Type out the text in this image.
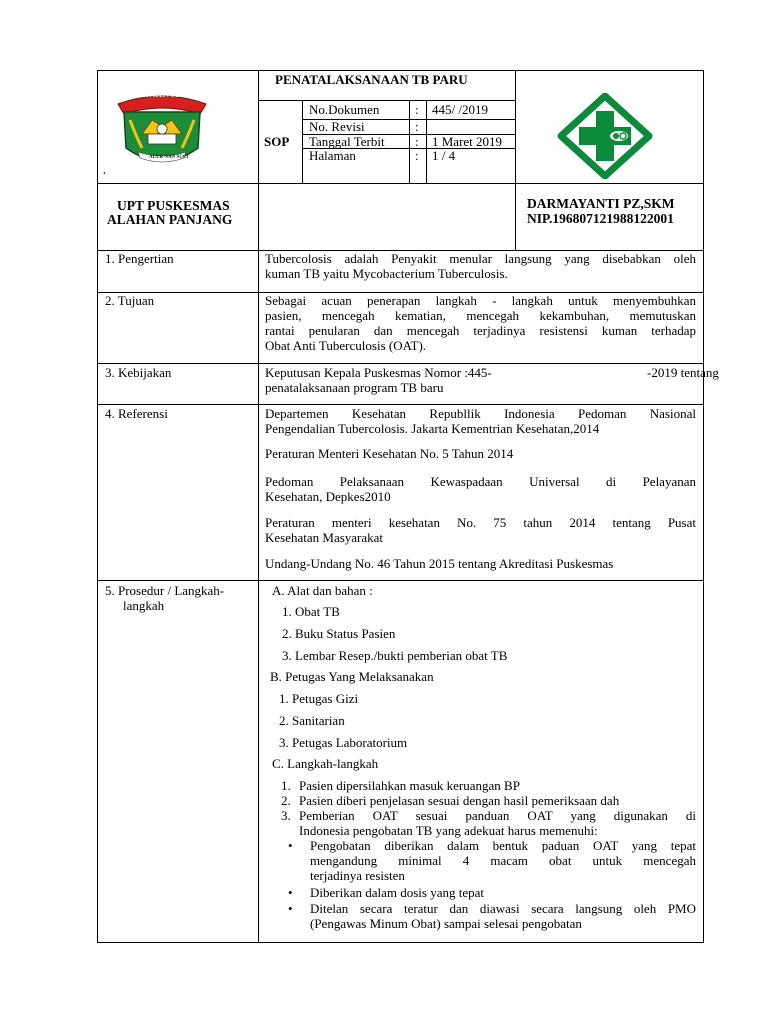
KABUPATEN SOLOK
ALUR NAN SUCI
,
PENATALAKSANAAN TB PARU
SOP
No.Dokumen	: 445/ /2019
No. Revisi	:
Tanggal Terbit : 1 Maret 2019
Halaman	: 1 / 4
UPT PUSKESMAS
ALAHAN PANJANG
DARMAYANTI PZ,SKM
NIP.196807121988122001
1. Pengertian	Tubercolosis adalah Penyakit menular langsung yang disebabkan oleh
kuman TB yaitu Mycobacterium Tuberculosis.
2. Tujuan	Sebagai acuan penerapan langkah - langkah untuk menyembuhkan
pasien, mencegah kematian, mencegah kekambuhan, memutuskan
rantai penularan dan mencegah terjadinya resistensi kuman terhadap
Obat Anti Tuberculosis (OAT).
3. Kebijakan	Keputusan Kepala Puskesmas Nomor :445-	-2019 tentang
penatalaksanaan program TB baru
4. Referensi	Departemen Kesehatan Republlik Indonesia Pedoman Nasional
Pengendalian Tubercolosis. Jakarta Kementrian Kesehatan,2014
Peraturan Menteri Kesehatan No. 5 Tahun 2014
Pedoman Pelaksanaan Kewaspadaan Universal di Pelayanan
Kesehatan, Depkes2010
Peraturan menteri kesehatan No. 75 tahun 2014 tentang Pusat
Kesehatan Masyarakat
Undang-Undang No. 46 Tahun 2015 tentang Akreditasi Puskesmas
5. Prosedur / Langkah-
langkah
A. Alat dan bahan :
1. Obat TB
2. Buku Status Pasien
3. Lembar Resep./bukti pemberian obat TB
B. Petugas Yang Melaksanakan
1. Petugas Gizi
2. Sanitarian
3. Petugas Laboratorium
C. Langkah-langkah
1. Pasien dipersilahkan masuk keruangan BP
2. Pasien diberi penjelasan sesuai dengan hasil pemeriksaan dah
3. Pemberian OAT sesuai panduan OAT yang digunakan di
Indonesia pengobatan TB yang adekuat harus memenuhi:
• Pengobatan diberikan dalam bentuk paduan OAT yang tepat
mengandung minimal 4 macam obat untuk mencegah
terjadinya resisten
• Diberikan dalam dosis yang tepat
• Ditelan secara teratur dan diawasi secara langsung oleh PMO
(Pengawas Minum Obat) sampai selesai pengobatan
